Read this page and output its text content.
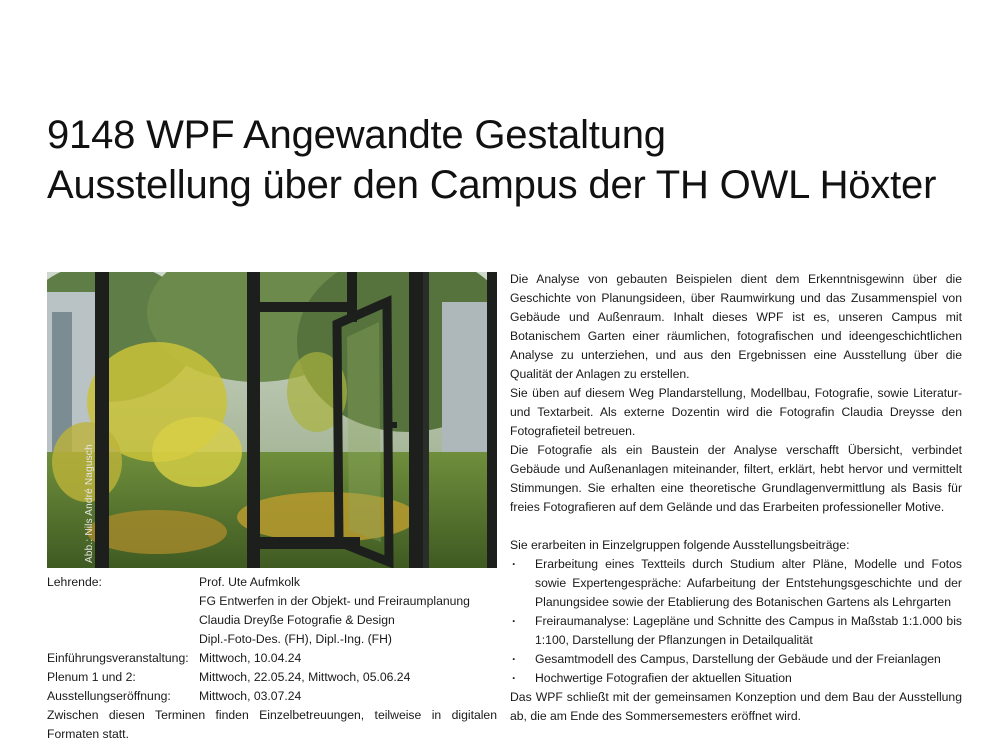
9148 WPF Angewandte Gestaltung
Ausstellung über den Campus der TH OWL Höxter
Abb.: Nils André Nagusch
Lehrende:	Prof. Ute Aufmkolk
FG Entwerfen in der Objekt- und Freiraumplanung
Claudia Dreyße Fotografie & Design
Dipl.-Foto-Des. (FH), Dipl.-Ing. (FH)
Einführungsveranstaltung: Mittwoch, 10.04.24
Plenum 1 und 2:	Mittwoch, 22.05.24, Mittwoch, 05.06.24
Ausstellungseröffnung:	Mittwoch, 03.07.24
Zwischen diesen Terminen finden Einzelbetreuungen, teilweise in digitalen Formaten statt.

Die Analyse von gebauten Beispielen dient dem Erkenntnisgewinn über die Geschichte von Planungsideen, über Raumwirkung und das Zusammenspiel von Gebäude und Außenraum. Inhalt dieses WPF ist es, unseren Campus mit Botanischem Garten einer räumlichen, fotografischen und ideengeschichtlichen Analyse zu unterziehen, und aus den Ergebnissen eine Ausstellung über die Qualität der Anlagen zu erstellen.

Sie üben auf diesem Weg Plandarstellung, Modellbau, Fotografie, sowie Literatur- und Textarbeit. Als externe Dozentin wird die Fotografin Claudia Dreysse den Fotografieteil betreuen.

Die Fotografie als ein Baustein der Analyse verschafft Übersicht, verbindet Gebäude und Außenanlagen miteinander, filtert, erklärt, hebt hervor und vermittelt Stimmungen. Sie erhalten eine theoretische Grundlagenvermittlung als Basis für freies Fotografieren auf dem Gelände und das Erarbeiten professioneller Motive.

Sie erarbeiten in Einzelgruppen folgende Ausstellungsbeiträge:

· Erarbeitung eines Textteils durch Studium alter Pläne, Modelle und Fotos sowie Expertengespräche: Aufarbeitung der Entstehungsgeschichte und der Planungsidee sowie der Etablierung des Botanischen Gartens als Lehrgarten
· Freiraumanalyse: Lagepläne und Schnitte des Campus in Maßstab 1:1.000 bis 1:100, Darstellung der Pflanzungen in Detailqualität
· Gesamtmodell des Campus, Darstellung der Gebäude und der Freianlagen
· Hochwertige Fotografien der aktuellen Situation

Das WPF schließt mit der gemeinsamen Konzeption und dem Bau der Ausstellung ab, die am Ende des Sommersemesters eröffnet wird.
